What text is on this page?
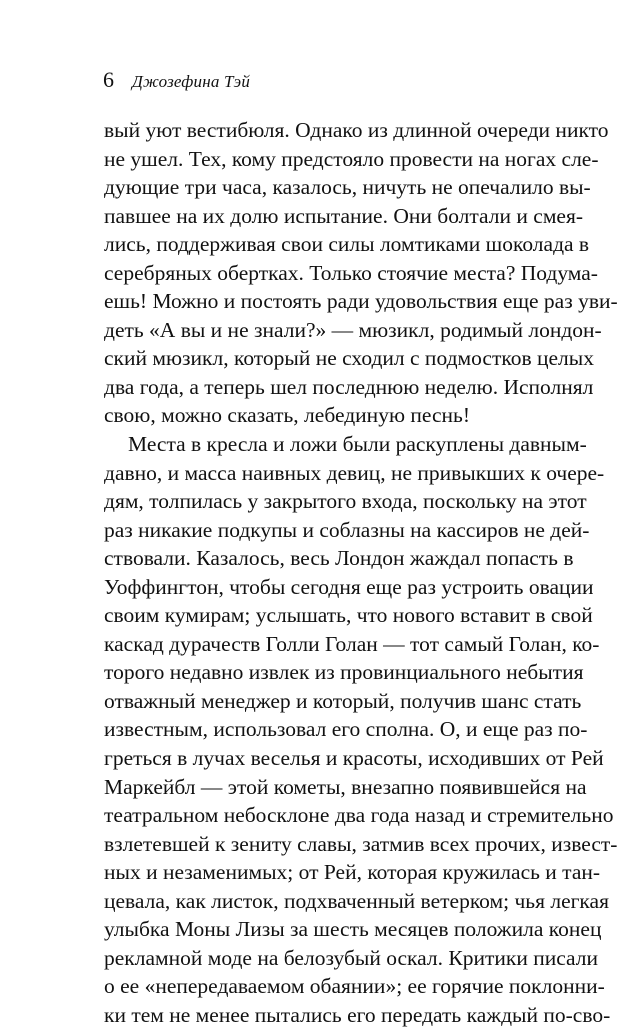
6 Джозефина Тэй
вый уют вестибюля. Однако из длинной очереди никто
не ушел. Тех, кому предстояло провести на ногах сле-
дующие три часа, казалось, ничуть не опечалило вы-
павшее на их долю испытание. Они болтали и смея-
лись, поддерживая свои силы ломтиками шоколада в
серебряных обертках. Только стоячие места? Подума-
ешь! Можно и постоять ради удовольствия еще раз уви-
деть «А вы и не знали?» — мюзикл, родимый лондон-
ский мюзикл, который не сходил с подмостков целых
два года, а теперь шел последнюю неделю. Исполнял
свою, можно сказать, лебединую песнь!
Места в кресла и ложи были раскуплены давным-
давно, и масса наивных девиц, не привыкших к очере-
дям, толпилась у закрытого входа, поскольку на этот
раз никакие подкупы и соблазны на кассиров не дей-
ствовали. Казалось, весь Лондон жаждал попасть в
Уоффингтон, чтобы сегодня еще раз устроить овации
своим кумирам; услышать, что нового вставит в свой
каскад дурачеств Голли Голан — тот самый Голан, ко-
торого недавно извлек из провинциального небытия
отважный менеджер и который, получив шанс стать
известным, использовал его сполна. О, и еще раз по-
греться в лучах веселья и красоты, исходивших от Рей
Маркейбл — этой кометы, внезапно появившейся на
театральном небосклоне два года назад и стремительно
взлетевшей к зениту славы, затмив всех прочих, извест-
ных и незаменимых; от Рей, которая кружилась и тан-
цевала, как листок, подхваченный ветерком; чья легкая
улыбка Моны Лизы за шесть месяцев положила конец
рекламной моде на белозубый оскал. Критики писали
о ее «непередаваемом обаянии»; ее горячие поклонни-
ки тем не менее пытались его передать каждый по-сво-
